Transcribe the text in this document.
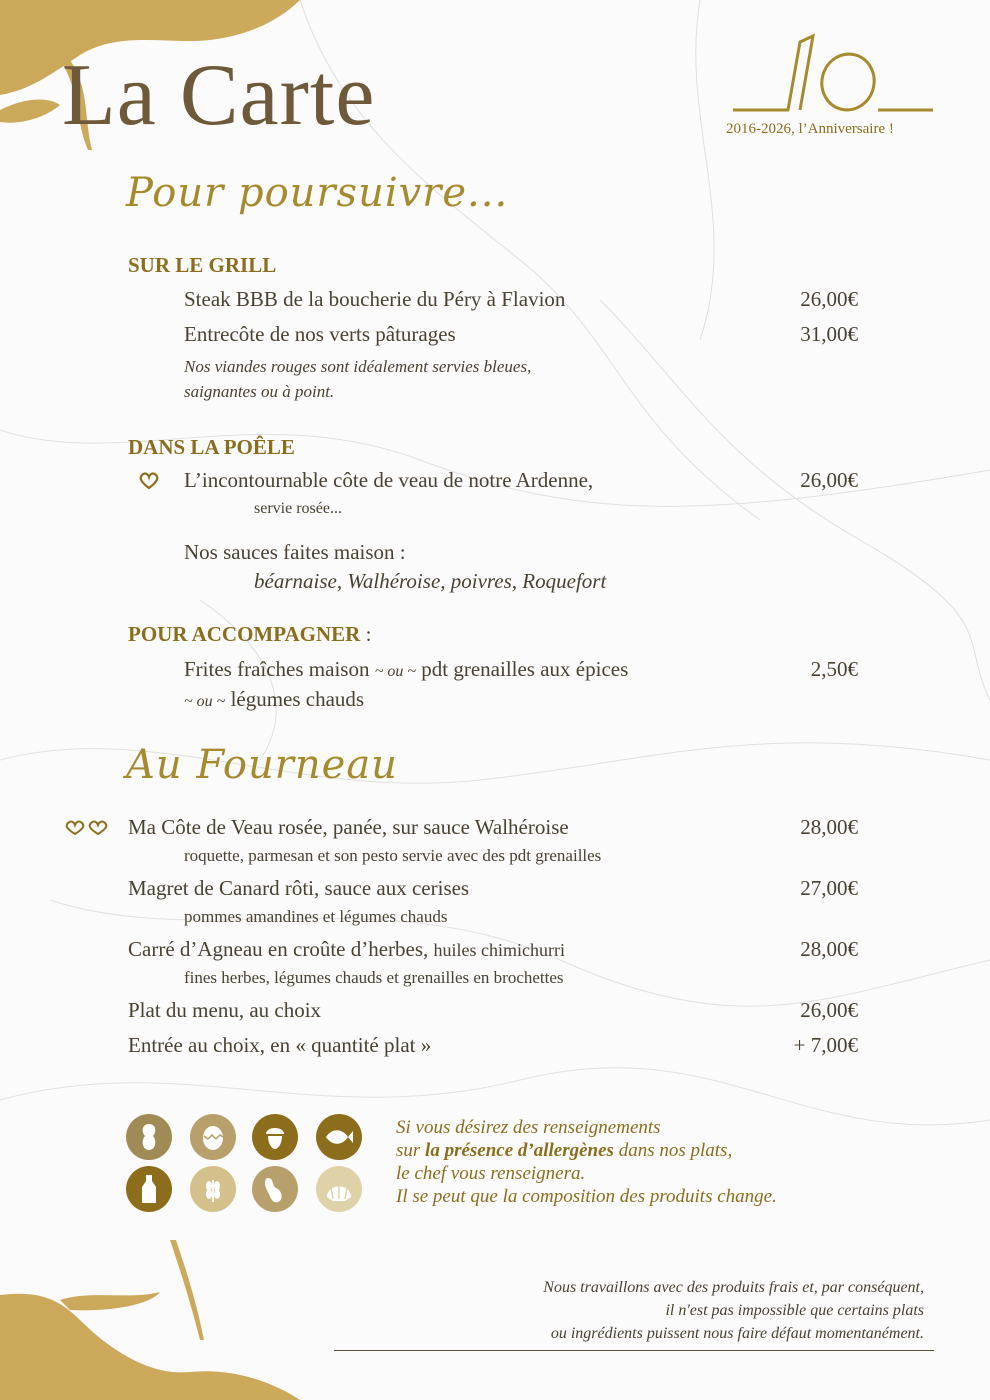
La Carte	2016-2026, l’Anniversaire !
Pour poursuivre...
SUR LE GRILL
Steak BBB de la boucherie du Péry à Flavion	26,00€
Entrecôte de nos verts pâturages	31,00€
Nos viandes rouges sont idéalement servies bleues,
saignantes ou à point.
DANS LA POÊLE
L’incontournable côte de veau de notre Ardenne,	26,00€
servie rosée...
Nos sauces faites maison :
béarnaise, Walhéroise, poivres, Roquefort
POUR ACCOMPAGNER :
Frites fraîches maison ~ ou ~ pdt grenailles aux épices	2,50€
~ ou ~ légumes chauds
Au Fourneau
Ma Côte de Veau rosée, panée, sur sauce Walhéroise	28,00€
roquette, parmesan et son pesto servie avec des pdt grenailles
Magret de Canard rôti, sauce aux cerises	27,00€
pommes amandines et légumes chauds
Carré d’Agneau en croûte d’herbes, huiles chimichurri	28,00€
fines herbes, légumes chauds et grenailles en brochettes
Plat du menu, au choix	26,00€
Entrée au choix, en « quantité plat »	+ 7,00€
Si vous désirez des renseignements
sur la présence d’allergènes dans nos plats,
le chef vous renseignera.
Il se peut que la composition des produits change.
Nous travaillons avec des produits frais et, par conséquent,
il n'est pas impossible que certains plats
ou ingrédients puissent nous faire défaut momentanément.
